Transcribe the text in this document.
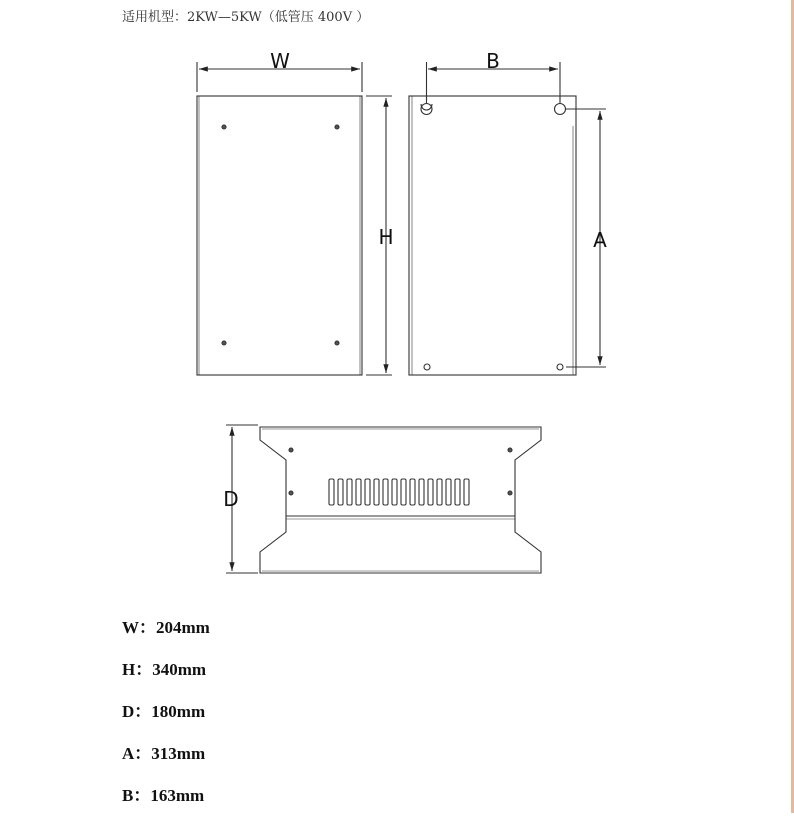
适用机型：2KW—5KW（低管压 400V ）
W	B
H	A
D
W：204mm
H：340mm
D：180mm
A：313mm
B：163mm
